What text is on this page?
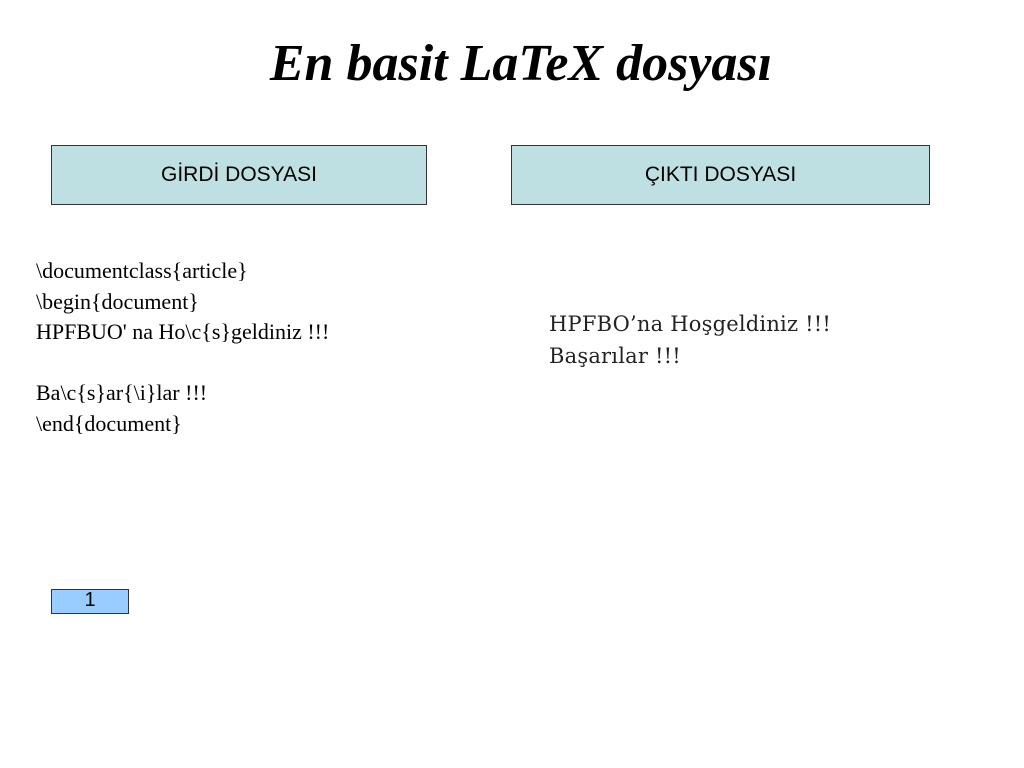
En basit LaTeX dosyası
GİRDİ DOSYASI	ÇIKTI DOSYASI
\documentclass{article}
\begin{document}
HPFBUO' na Ho\c{s}geldiniz !!!
Ba\c{s}ar{\i}lar !!!
\end{document}
HPFBO’na Hoşgeldiniz !!!
Başarılar !!!
1
